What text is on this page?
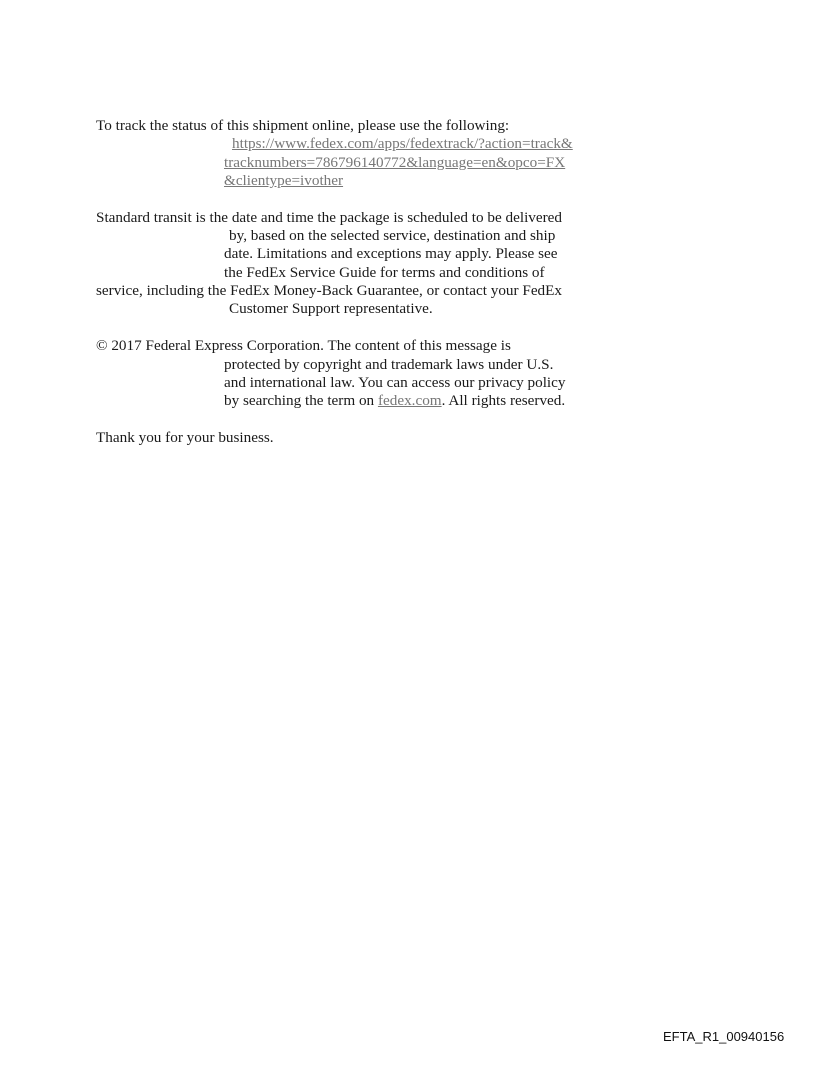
To track the status of this shipment online, please use the following:
https://www.fedex.com/apps/fedextrack/?action=track&
tracknumbers=786796140772&language=en&opco=FX
&clientype=ivother
Standard transit is the date and time the package is scheduled to be delivered
by, based on the selected service, destination and ship
date. Limitations and exceptions may apply. Please see
the FedEx Service Guide for terms and conditions of
service, including the FedEx Money-Back Guarantee, or contact your FedEx
Customer Support representative.
© 2017 Federal Express Corporation. The content of this message is
protected by copyright and trademark laws under U.S.
and international law. You can access our privacy policy
by searching the term on fedex.com. All rights reserved.
Thank you for your business.
EFTA_R1_00940156
